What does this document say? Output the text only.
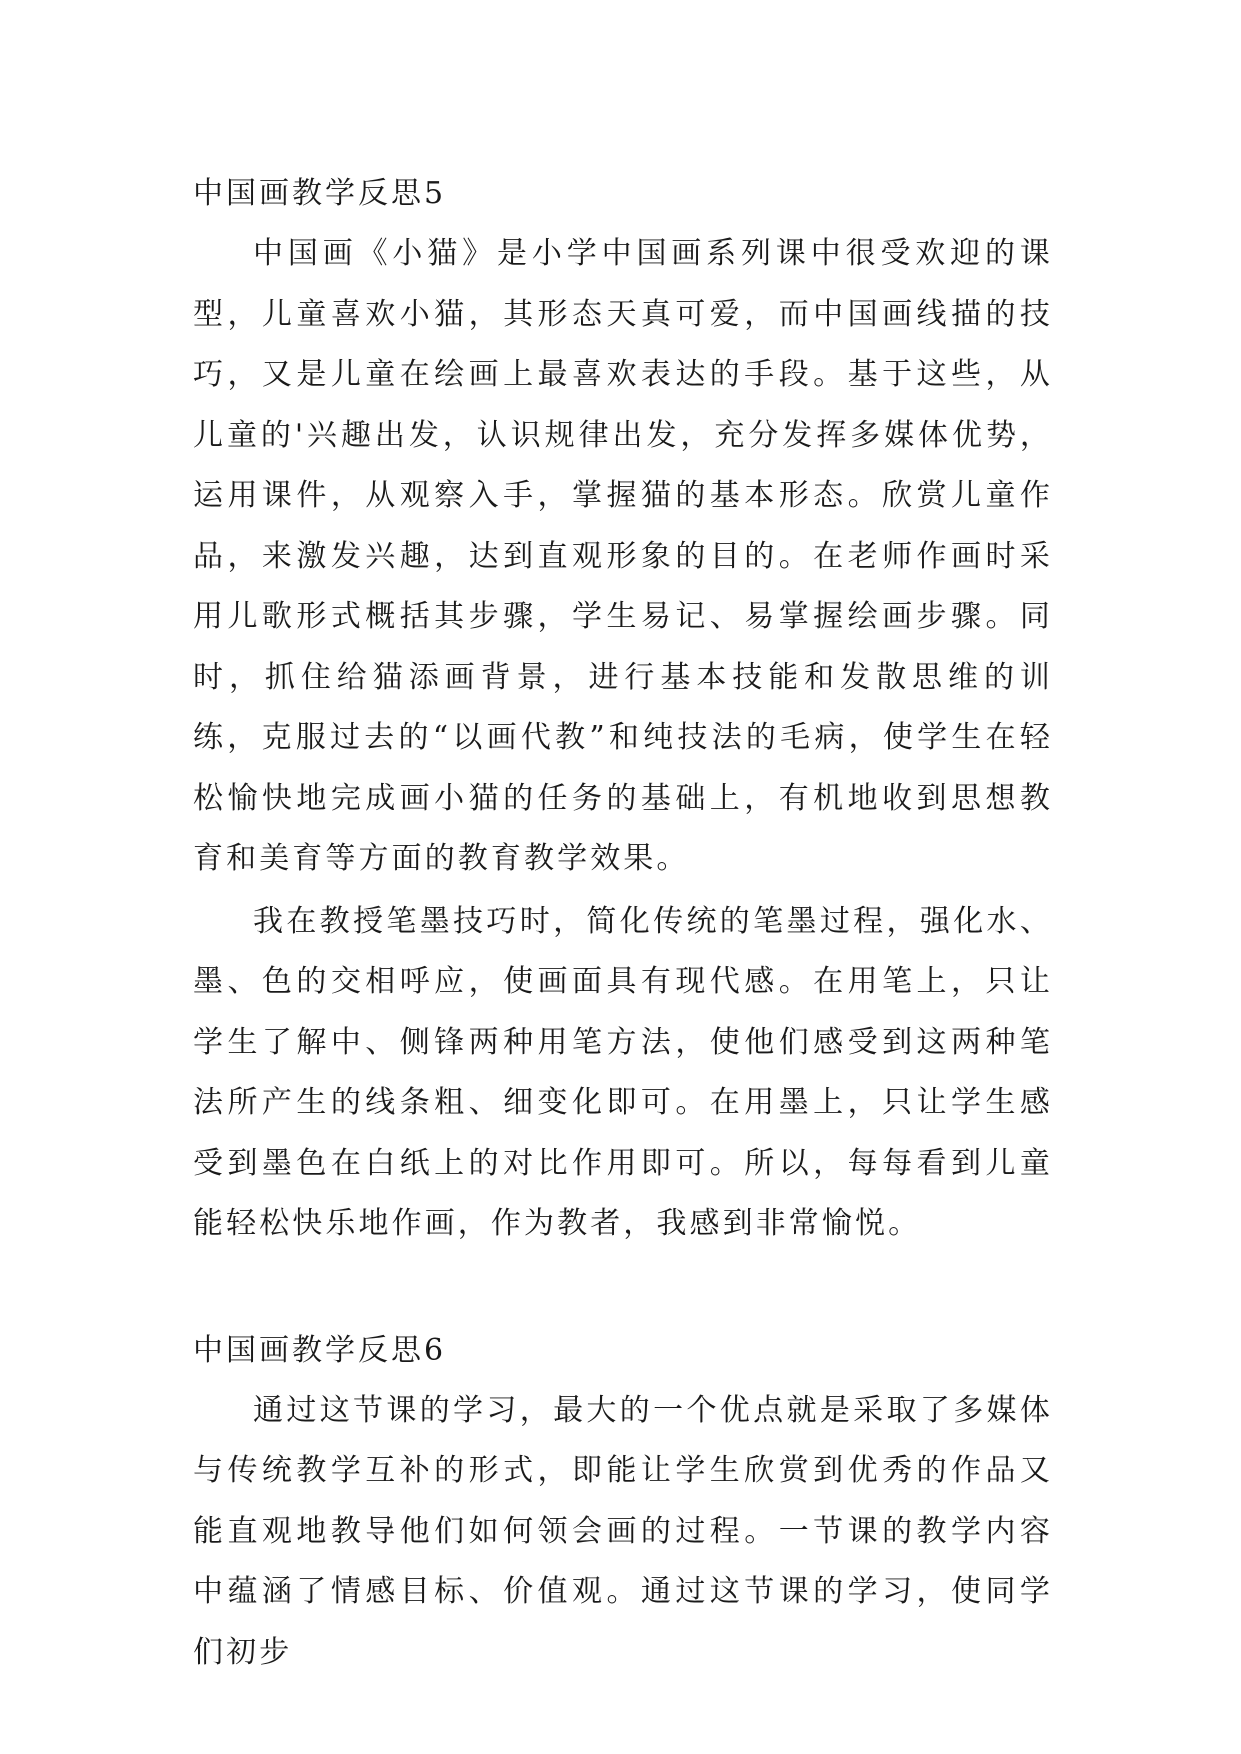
中国画教学反思5

中国画《小猫》是小学中国画系列课中很受欢迎的课型，儿童喜欢小猫，其形态天真可爱，而中国画线描的技巧，又是儿童在绘画上最喜欢表达的手段。基于这些，从儿童的'兴趣出发，认识规律出发，充分发挥多媒体优势，运用课件，从观察入手，掌握猫的基本形态。欣赏儿童作品，来激发兴趣，达到直观形象的目的。在老师作画时采用儿歌形式概括其步骤，学生易记、易掌握绘画步骤。同时，抓住给猫添画背景，进行基本技能和发散思维的训练，克服过去的“以画代教”和纯技法的毛病，使学生在轻松愉快地完成画小猫的任务的基础上，有机地收到思想教育和美育等方面的教育教学效果。

我在教授笔墨技巧时，简化传统的笔墨过程，强化水、墨、色的交相呼应，使画面具有现代感。在用笔上，只让学生了解中、侧锋两种用笔方法，使他们感受到这两种笔法所产生的线条粗、细变化即可。在用墨上，只让学生感受到墨色在白纸上的对比作用即可。所以，每每看到儿童能轻松快乐地作画，作为教者，我感到非常愉悦。

中国画教学反思6

通过这节课的学习，最大的一个优点就是采取了多媒体与传统教学互补的形式，即能让学生欣赏到优秀的作品又能直观地教导他们如何领会画的过程。一节课的教学内容中蕴涵了情感目标、价值观。通过这节课的学习，使同学们初步
